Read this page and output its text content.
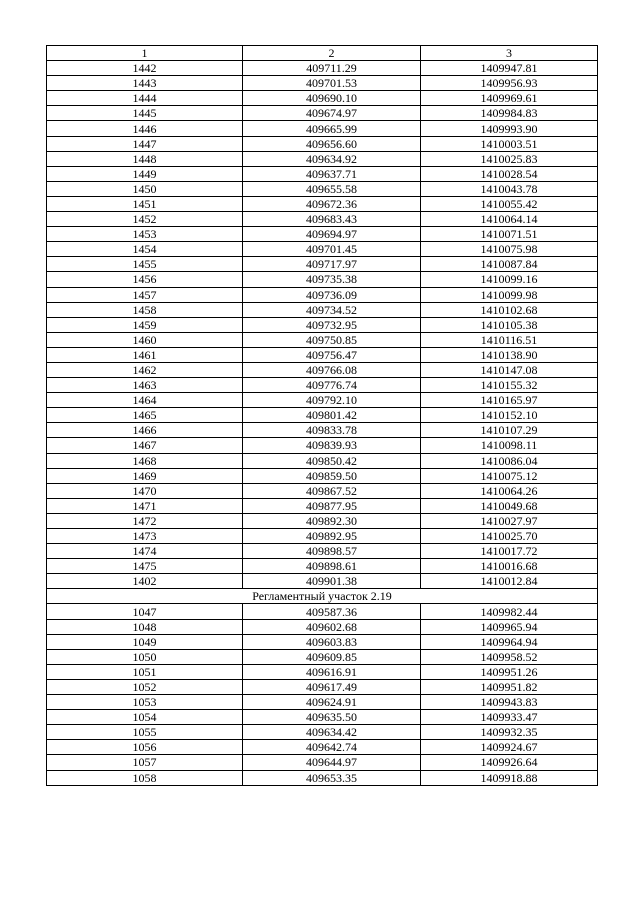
1	2	3
1442	409711.29	1409947.81
1443	409701.53	1409956.93
1444	409690.10	1409969.61
1445	409674.97	1409984.83
1446	409665.99	1409993.90
1447	409656.60	1410003.51
1448	409634.92	1410025.83
1449	409637.71	1410028.54
1450	409655.58	1410043.78
1451	409672.36	1410055.42
1452	409683.43	1410064.14
1453	409694.97	1410071.51
1454	409701.45	1410075.98
1455	409717.97	1410087.84
1456	409735.38	1410099.16
1457	409736.09	1410099.98
1458	409734.52	1410102.68
1459	409732.95	1410105.38
1460	409750.85	1410116.51
1461	409756.47	1410138.90
1462	409766.08	1410147.08
1463	409776.74	1410155.32
1464	409792.10	1410165.97
1465	409801.42	1410152.10
1466	409833.78	1410107.29
1467	409839.93	1410098.11
1468	409850.42	1410086.04
1469	409859.50	1410075.12
1470	409867.52	1410064.26
1471	409877.95	1410049.68
1472	409892.30	1410027.97
1473	409892.95	1410025.70
1474	409898.57	1410017.72
1475	409898.61	1410016.68
1402	409901.38	1410012.84
Регламентный участок 2.19		
1047	409587.36	1409982.44
1048	409602.68	1409965.94
1049	409603.83	1409964.94
1050	409609.85	1409958.52
1051	409616.91	1409951.26
1052	409617.49	1409951.82
1053	409624.91	1409943.83
1054	409635.50	1409933.47
1055	409634.42	1409932.35
1056	409642.74	1409924.67
1057	409644.97	1409926.64
1058	409653.35	1409918.88
